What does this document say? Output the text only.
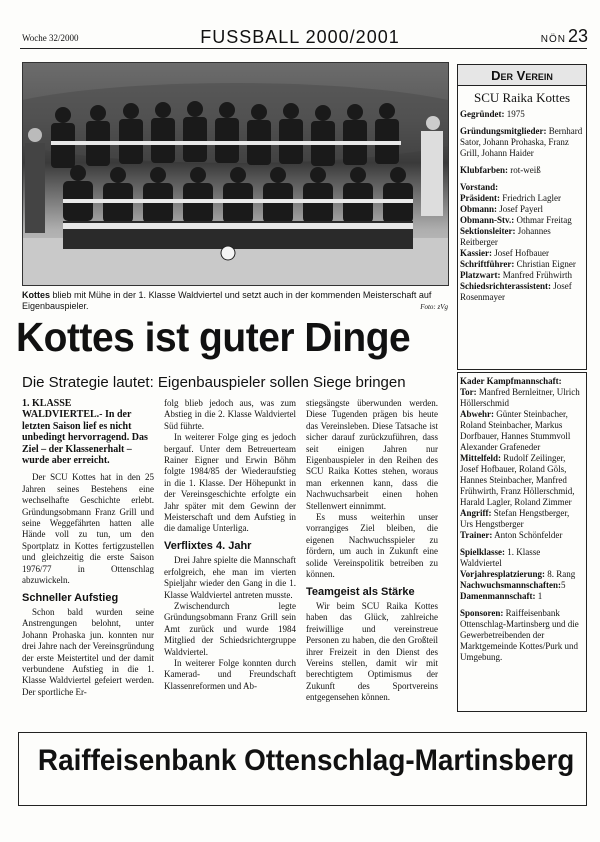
Woche 32/2000	FUSSBALL 2000/2001	NÖN 23
Kottes blieb mit Mühe in der 1. Klasse Waldviertel und setzt auch in der kommenden Meisterschaft auf Eigenbauspieler.	Foto: zVg
Kottes ist guter Dinge
Die Strategie lautet: Eigenbauspieler sollen Siege bringen

1. KLASSE WALDVIERTEL.- In der letzten Saison lief es nicht unbedingt hervorragend. Das Ziel – der Klassenerhalt – wurde aber erreicht.

Der SCU Kottes hat in den 25 Jahren seines Bestehens eine wechselhafte Geschichte erlebt. Gründungsobmann Franz Grill und seine Weggefährten hatten alle Hände voll zu tun, um den Sportplatz in Kottes fertigzustellen und gleichzeitig die erste Saison 1976/77 in Ottenschlag abzuwickeln.

Schneller Aufstieg

Schon bald wurden seine Anstrengungen belohnt, unter Johann Prohaska jun. konnten nur drei Jahre nach der Vereinsgründung der erste Meistertitel und der damit verbundene Aufstieg in die 1. Klasse Waldviertel gefeiert werden. Der sportliche Er-

folg blieb jedoch aus, was zum Abstieg in die 2. Klasse Waldviertel Süd führte.

In weiterer Folge ging es jedoch bergauf. Unter dem Betreuerteam Rainer Eigner und Erwin Böhm folgte 1984/85 der Wiederaufstieg in die 1. Klasse. Der Höhepunkt in der Vereinsgeschichte erfolgte ein Jahr später mit dem Gewinn der Meisterschaft und dem Aufstieg in die damalige Unterliga.

Verflixtes 4. Jahr

Drei Jahre spielte die Mannschaft erfolgreich, ehe man im vierten Spieljahr wieder den Gang in die 1. Klasse Waldviertel antreten musste.

Zwischendurch legte Gründungsobmann Franz Grill sein Amt zurück und wurde 1984 Mitglied der Schiedsrichtergruppe Waldviertel.

In weiterer Folge konnten durch Kamerad- und Freundschaft Klassenreformen und Ab-

stiegsängste überwunden werden. Diese Tugenden prägen bis heute das Vereinsleben. Diese Tatsache ist sicher darauf zurückzuführen, dass seit einigen Jahren nur Eigenbauspieler in den Reihen des SCU Raika Kottes stehen, woraus man erkennen kann, dass die Nachwuchsarbeit einen hohen Stellenwert einnimmt.

Es muss weiterhin unser vorrangiges Ziel bleiben, die eigenen Nachwuchsspieler zu fördern, um auch in Zukunft eine solide Vereinspolitik betreiben zu können.

Teamgeist als Stärke

Wir beim SCU Raika Kottes haben das Glück, zahlreiche freiwillige und vereinstreue Personen zu haben, die den Großteil ihrer Freizeit in den Dienst des Vereins stellen, damit wir mit berechtigtem Optimismus der Zukunft des Sportvereins entgegensehen können.

Der Verein
SCU Raika Kottes
Gegründet: 1975
Gründungsmitglieder: Bernhard Sator, Johann Prohaska, Franz Grill, Johann Haider
Klubfarben: rot-weiß
Vorstand:
Präsident: Friedrich Lagler
Obmann: Josef Payerl
Obmann-Stv.: Othmar Freitag
Sektionsleiter: Johannes Reitberger
Kassier: Josef Hofbauer
Schriftführer: Christian Eigner
Platzwart: Manfred Frühwirth
Schiedsrichterassistent: Josef Rosenmayer
Kader Kampfmannschaft:
Tor: Manfred Bernleitner, Ulrich Höllerschmid
Abwehr: Günter Steinbacher, Roland Steinbacher, Markus Dorfbauer, Hannes Stummvoll Alexander Grafeneder
Mittelfeld: Rudolf Zeilinger, Josef Hofbauer, Roland Göls, Hannes Steinbacher, Manfred Frühwirth, Franz Höllerschmid, Harald Lagler, Roland Zimmer
Angriff: Stefan Hengstberger, Urs Hengstberger
Trainer: Anton Schönfelder
Spielklasse: 1. Klasse Waldviertel
Vorjahresplatzierung: 8. Rang
Nachwuchsmannschaften:5
Damenmannschaft: 1
Sponsoren: Raiffeisenbank Ottenschlag-Martinsberg und die Gewerbetreibenden der Marktgemeinde Kottes/Purk und Umgebung.
Raiffeisenbank Ottenschlag-Martinsberg
